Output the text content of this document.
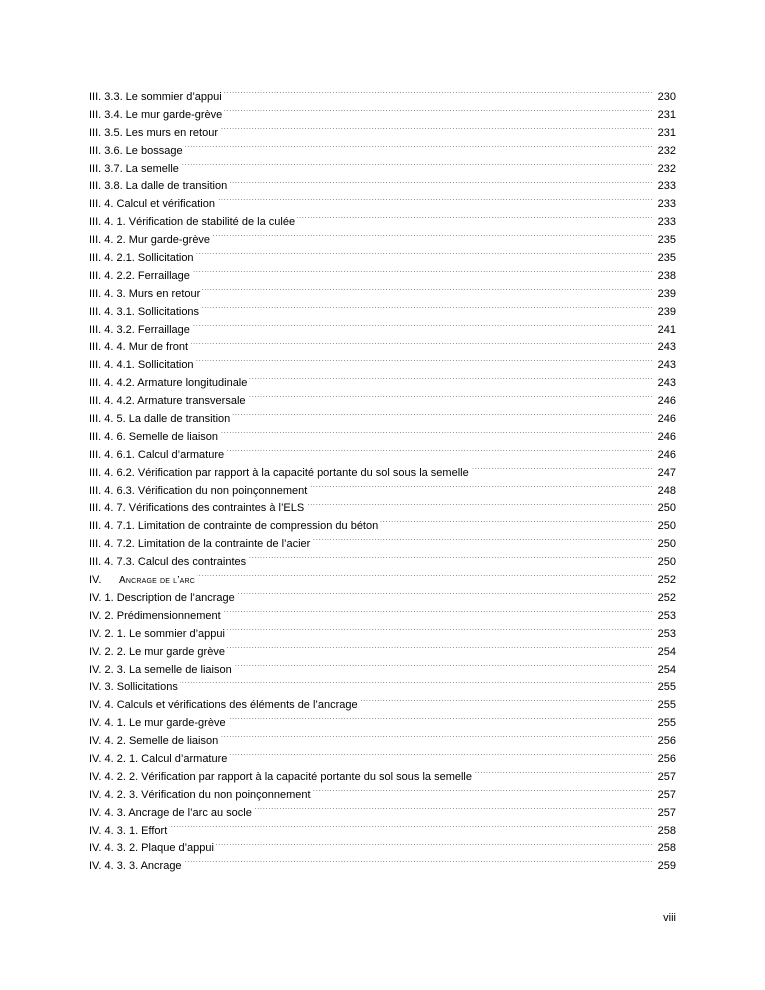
III. 3.3. Le sommier d’appui . . .	230
III. 3.4. Le mur garde-grève . . .	231
III. 3.5. Les murs en retour . . .	231
III. 3.6. Le bossage . . .	232
III. 3.7. La semelle . . .	232
III. 3.8. La dalle de transition . . .	233
III. 4. Calcul et vérification . . .	233
III. 4. 1. Vérification de stabilité de la culée . . .	233
III. 4. 2. Mur garde-grève . . .	235
III. 4. 2.1. Sollicitation . . .	235
III. 4. 2.2. Ferraillage . . .	238
III. 4. 3. Murs en retour . . .	239
III. 4. 3.1. Sollicitations . . .	239
III. 4. 3.2. Ferraillage . . .	241
III. 4. 4. Mur de front . . .	243
III. 4. 4.1. Sollicitation . . .	243
III. 4. 4.2. Armature longitudinale . . .	243
III. 4. 4.2. Armature transversale . . .	246
III. 4. 5. La dalle de transition . . .	246
III. 4. 6. Semelle de liaison . . .	246
III. 4. 6.1. Calcul d’armature . . .	246
III. 4. 6.2. Vérification par rapport à la capacité portante du sol sous la semelle . . .	247
III. 4. 6.3. Vérification du non poinçonnement . . .	248
III. 4. 7. Vérifications des contraintes à l’ELS . . .	250
III. 4. 7.1. Limitation de contrainte de compression du béton . . .	250
III. 4. 7.2. Limitation de la contrainte de l’acier . . .	250
III. 4. 7.3. Calcul des contraintes . . .	250
IV. Ancrage de l’arc . . .	252
IV. 1. Description de l’ancrage . . .	252
IV. 2. Prédimensionnement . . .	253
IV. 2. 1. Le sommier d’appui . . .	253
IV. 2. 2. Le mur garde grève . . .	254
IV. 2. 3. La semelle de liaison . . .	254
IV. 3. Sollicitations . . .	255
IV. 4. Calculs et vérifications des éléments de l’ancrage . . .	255
IV. 4. 1. Le mur garde-grève . . .	255
IV. 4. 2. Semelle de liaison . . .	256
IV. 4. 2. 1. Calcul d’armature . . .	256
IV. 4. 2. 2. Vérification par rapport à la capacité portante du sol sous la semelle . . .	257
IV. 4. 2. 3. Vérification du non poinçonnement . . .	257
IV. 4. 3. Ancrage de l’arc au socle . . .	257
IV. 4. 3. 1. Effort . . .	258
IV. 4. 3. 2. Plaque d’appui . . .	258
IV. 4. 3. 3. Ancrage . . .	259
viii
